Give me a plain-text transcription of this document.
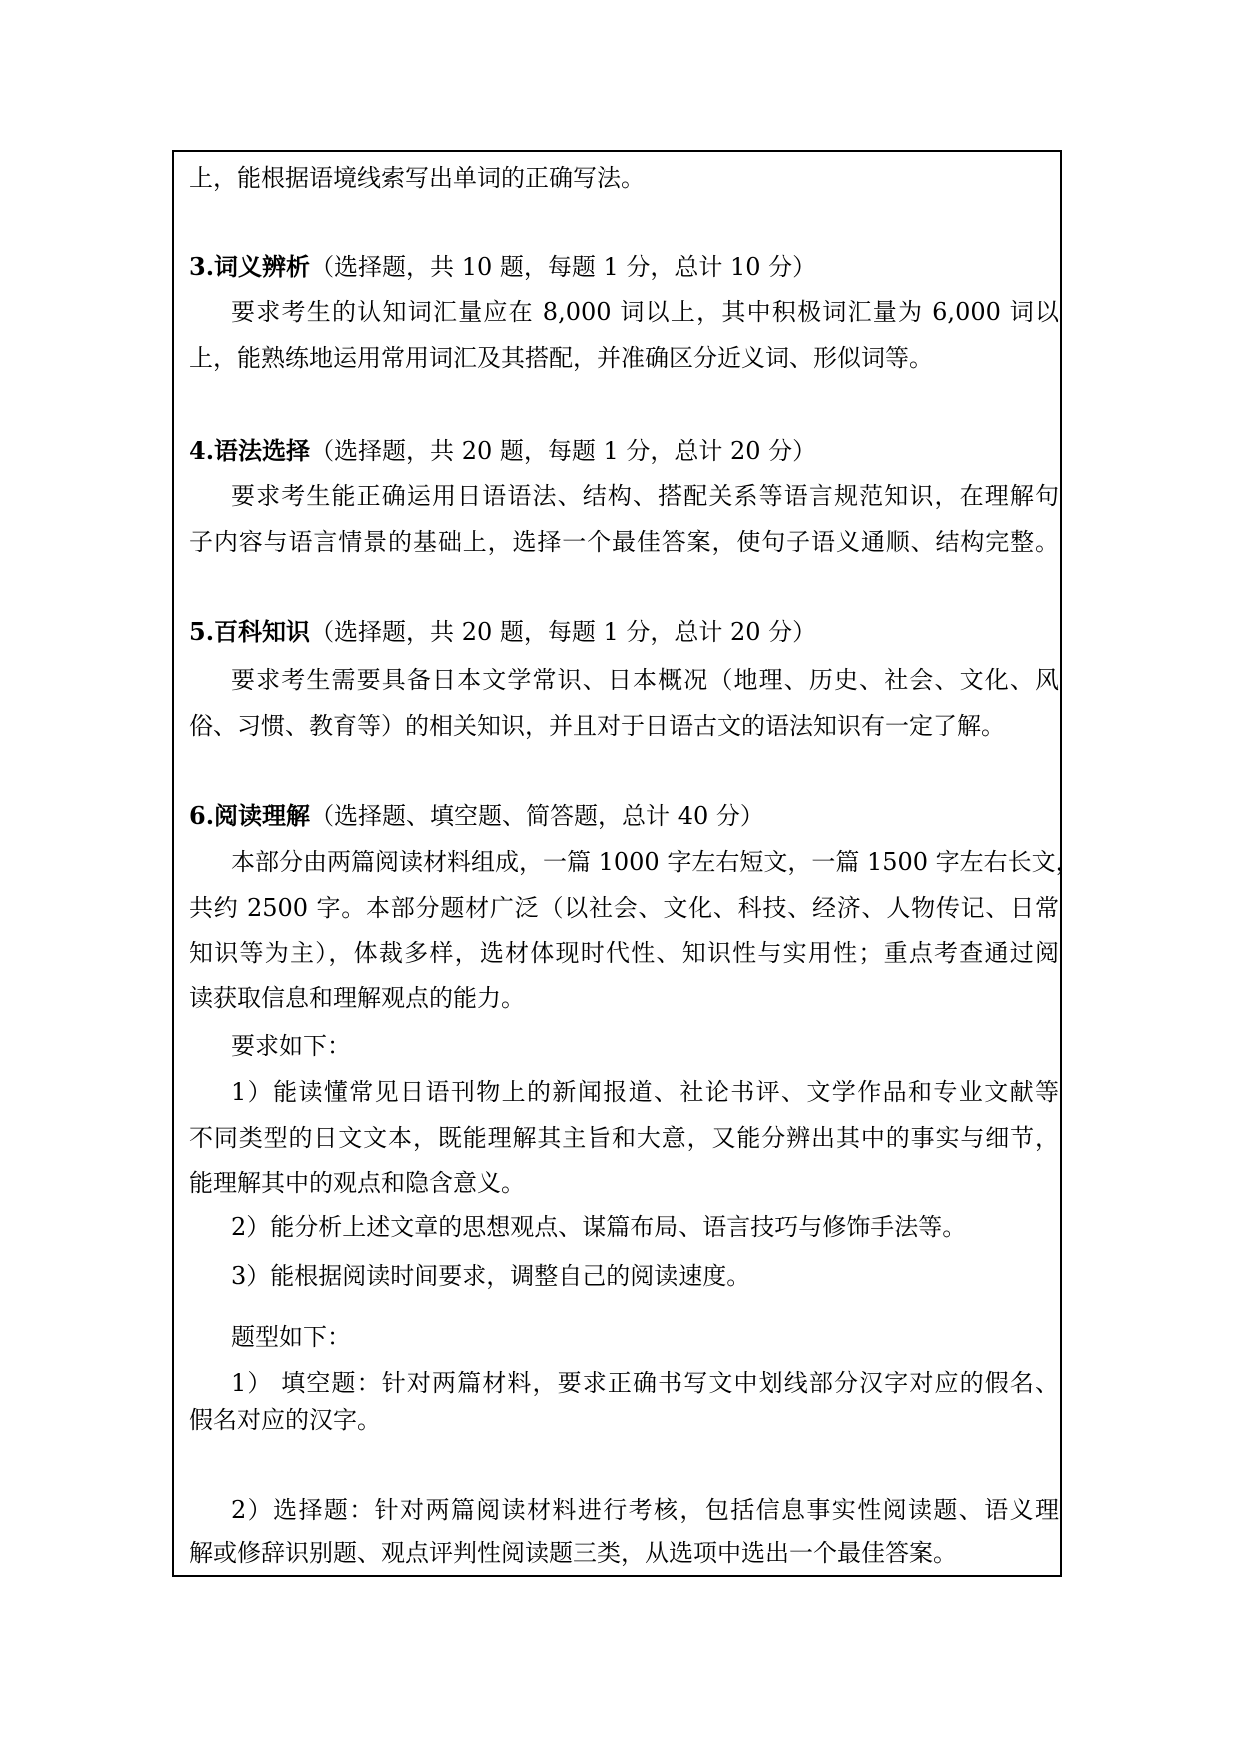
上，能根据语境线索写出单词的正确写法。
3.词义辨析（选择题，共 10 题，每题 1 分，总计 10 分）
要求考生的认知词汇量应在 8,000 词以上，其中积极词汇量为 6,000 词以
上，能熟练地运用常用词汇及其搭配，并准确区分近义词、形似词等。
4.语法选择（选择题，共 20 题，每题 1 分，总计 20 分）
要求考生能正确运用日语语法、结构、搭配关系等语言规范知识，在理解句
子内容与语言情景的基础上，选择一个最佳答案，使句子语义通顺、结构完整。
5.百科知识（选择题，共 20 题，每题 1 分，总计 20 分）
要求考生需要具备日本文学常识、日本概况（地理、历史、社会、文化、风
俗、习惯、教育等）的相关知识，并且对于日语古文的语法知识有一定了解。
6.阅读理解（选择题、填空题、简答题，总计 40 分）
本部分由两篇阅读材料组成，一篇 1000 字左右短文，一篇 1500 字左右长文，
共约 2500 字。本部分题材广泛（以社会、文化、科技、经济、人物传记、日常
知识等为主），体裁多样，选材体现时代性、知识性与实用性；重点考查通过阅
读获取信息和理解观点的能力。
要求如下：
1）能读懂常见日语刊物上的新闻报道、社论书评、文学作品和专业文献等
不同类型的日文文本，既能理解其主旨和大意，又能分辨出其中的事实与细节，
能理解其中的观点和隐含意义。
2）能分析上述文章的思想观点、谋篇布局、语言技巧与修饰手法等。
3）能根据阅读时间要求，调整自己的阅读速度。
题型如下：
1） 填空题：针对两篇材料，要求正确书写文中划线部分汉字对应的假名、
假名对应的汉字。
2）选择题：针对两篇阅读材料进行考核，包括信息事实性阅读题、语义理
解或修辞识别题、观点评判性阅读题三类，从选项中选出一个最佳答案。
